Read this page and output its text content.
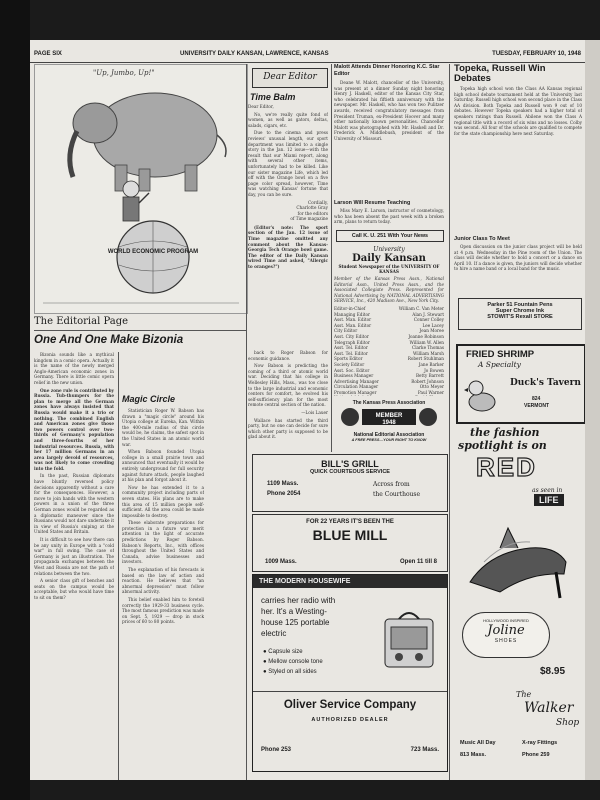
PAGE SIX	UNIVERSITY DAILY KANSAN, LAWRENCE, KANSAS	TUESDAY, FEBRUARY 10, 1948
"Up, Jumbo, Up!"
WORLD ECONOMIC PROGRAM
The Editorial Page
One And One Make Bizonia

Bizonia sounds like a mythical kingdom in a comic opera. Actually it is the name of the newly merged Anglo-American economic zones in Germany. There is little comic opera relief in the new union.

One zone rule is contributed by Russia. Tub-thumpers for the plan to merge all the German zones have always insisted that Russia would make it a trio or nothing. The combined English and American zones give those two powers control over two-thirds of Germany's population and three-fourths of her industrial resources. Russia, with her 17 million Germans in an area largely devoid of resources, was not likely to come crowding into the fold.

In the past, Russian diplomats have bluntly reversed policy decisions apparently without a care for the consequences. However, a move to join hands with the western powers in a union of the three German zones would be regarded as a diplomatic maneuver since the Russians would not dare undertake it in view of Russia's sniping at the United States and Britain.

It is difficult to see how there can be any unity in Europe with a "cold war" in full swing. The case of Germany is just an illustration. The propaganda exchanges between the West and Russia are not the path of relations between the two.

A senior class gift of benches and seats on the campus would be acceptable, but who would have time to sit on them?

Magic Circle

Statistician Roger W. Babson has drawn a "magic circle" around his Utopia college at Eureka, Kan. Within the 400-mile radius of this circle would be, he claims, the safest spot in the United States in an atomic world war.

When Babson founded Utopia college in a small prairie town and announced that eventually it would be entirely underground for full security against future attack, people laughed at his plan and forgot about it.

Now he has extended it to a community project including parts of seven states. His plans are to make this area of 15 million people self-sufficient. All the area could be made impossible to destroy.

These elaborate preparations for protection in a future war merit attention in the light of accurate predictions by Roger Babson. Babson's Reports, Inc., with offices throughout the United States and Canada, advise businesses and investors.

The explanation of his forecasts is based on the law of action and reaction. He believes that "an abnormal depression" must follow abnormal activity.

This belief enabled him to foretell correctly the 1929-33 business cycle. The most famous prediction was made on Sept. 5, 1929 — drop in stock prices of 60 to 80 points.

back to Roger Babson for economic guidance.

Now Babson is predicting the coming of a third or atomic world war. Deciding that his college in Wellesley Hills, Mass., was too close to the large industrial and economic centers for comfort, he evolved his self-sufficiency plan for the most remote central section of the nation.

—Lois Lauer

Wallace has started the third party, but no one can decide for sure which other party is supposed to be glad about it.

Dear Editor
Time Balm

Dear Editor,

No, we're really quite fond of women, as well as gators, deltas, salads, cigars, etc.

Due to the cinema and press reviews' unusual length, our sport department was limited to a single story in the Jan. 12 issue—with the result that our Miami report, along with several other items, unfortunately had to be killed. Like our sister magazine Life, which led off with the Orange bowl on a five page color spread, however, Time was watching Kansas' fortune that day, you can be sure.

Cordially,
Charlotte Gray
for the editors
of Time magazine

(Editor's note: The sport section of the Jan. 12 issue of Time magazine omitted any comment about the Kansas-Georgia Tech Orange bowl game. The editor of the Daily Kansan wired Time and asked, "Allergic to oranges?")

Malott Attends Dinner Honoring K.C. Star Editor

Deane W. Malott, chancellor of the University, was present at a dinner Sunday night honoring Henry J. Haskell, editor of the Kansas City Star, who celebrated his fiftieth anniversary with the newspaper. Mr. Haskell, who has won two Pulitzer awards, received congratulatory messages from President Truman, ex-President Hoover and many other nationally known personalities. Chancellor Malott was photographed with Mr. Haskell and Dr. Frederick A. Middlebush, president of the University of Missouri.

Larson Will Resume Teaching

Miss Mary E. Larson, instructor of cosmetology, who has been absent the past week with a broken arm, plans to return today.

Call K. U. 251 With Your News
University
Daily Kansan
Student Newspaper of the UNIVERSITY OF KANSAS
Member of the Kansas Press Assn., National Editorial Assn., United Press Assn., and the Associated Collegiate Press. Represented for National Advertising by NATIONAL ADVERTISING SERVICE, Inc., 420 Madison Ave., New York City.
Editor-in-Chief	William C. Van Meter
Managing Editor	Alan J. Stewart
Asst. Man. Editor	Conner Colley
Asst. Man. Editor	Lee Lacey
City Editor	Jean Moree
Asst. City Editor	Joanne Robinson
Telegraph Editor	William W. Allen
Asst. Tel. Editor	Clarke Thomas
Asst. Tel. Editor	William Marsh
Sports Editor	Robert Stuhlman
Society Editor	Jane Barker
Asst. Soc. Editor	Jo Bowen
Business Manager	Betty Barrett
Advertising Manager	Robert Johnson
Circulation Manager	Otto Meyer
Promotion Manager	Paul Warner
The Kansas Press Association
MEMBER
1948
National Editorial Association
A FREE PRESS—YOUR RIGHT TO KNOW
Topeka, Russell Win Debates

Topeka high school won the Class AA Kansas regional high school debate tournament held at the University last Saturday. Russell high school won second place in the Class AA division. Both Topeka and Russell won 9 out of 10 debates. However Topeka speakers had a higher total of speakers ratings than Russell. Abilene won the Class A regional title with a record of six wins and no losses. Colby was second. All four of the schools are qualified to compete for the state championship here next Saturday.

Junior Class To Meet

Open discussion on the junior class project will be held at 4 p.m. Wednesday in the Pine room of the Union. The class will decide whether to hold a concert or a dance on April 10. If a dance is given, the juniors will decide whether to hire a name band or a local band for the music.

Parker 51 Fountain Pens
Super Chrome Ink
STOWIT'S Rexall STORE
FRIED SHRIMP
A Specialty
Duck's Tavern
824
VERMONT
BILL'S GRILL
QUICK COURTEOUS SERVICE
1109 Mass.
Phone 2054
Across from
the Courthouse
FOR 22 YEARS IT'S BEEN THE
BLUE MILL
1009 Mass.	Open 11 till 8
THE MODERN HOUSEWIFE
carries her radio with
her. It's a Westing-
house 125 portable
electric
● Capsule size
● Mellow console tone
● Styled on all sides
Oliver Service Company
AUTHORIZED DEALER
Phone 253	723 Mass.
the fashion
spotlight is on
RED
as seen in
LIFE
HOLLYWOOD INSPIRED
Joline
SHOES
$8.95
The
Walker
Shop
Music All Day	X-ray Fittings
813 Mass.	Phone 259
